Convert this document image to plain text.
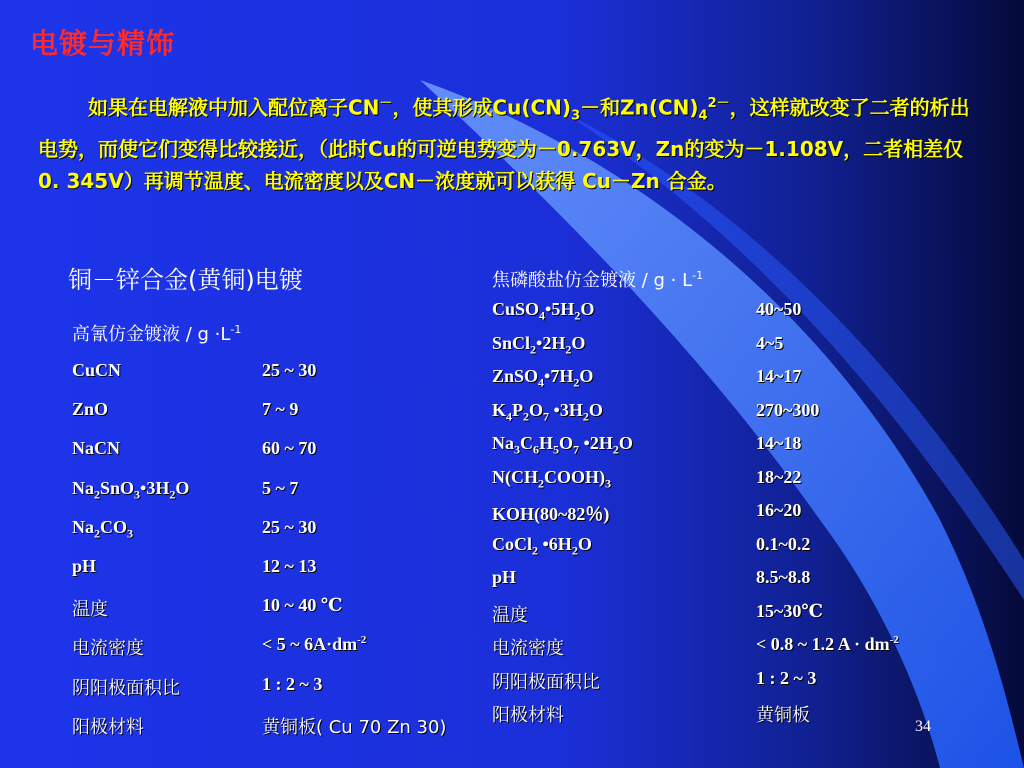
电镀与精饰
如果在电解液中加入配位离子CN－，使其形成$Cu(CN)_3-$和$Zn(CN)_4^{2-}$，这样就改变了二者的析出电势，而使它们变得比较接近，（此时Cu的可逆电势变为－0.763V，Zn的变为－1.108V，二者相差仅0. 345V）再调节温度、电流密度以及CN－浓度就可以获得 Cu－Zn 合金。
铜－锌合金(黄铜)电镀
高氰仿金镀液 / $g \cdot L^{-1}$
CuCN	25 ~ 30
ZnO	7 ~ 9
NaCN	60 ~ 70
$Na_2SnO_3•3H_2O$	5 ~ 7
$Na_2CO_3$	25 ~ 30
pH	12 ~ 13
温度	10 ~ 40 ℃
电流密度	< 5 ~ $6A\cdot dm^{-2}$
阴阳极面积比	1 : 2 ~ 3
阳极材料	黄铜板( Cu 70 Zn 30)
焦磷酸盐仿金镀液 / $g \cdot L^{-1}$
$CuSO_4•5H_2O$	40~50
$SnCl_2•2H_2O$	4~5
$ZnSO_4•7H_2O$	14~17
$K_4P_2O_7$ $•3H_2O$	270~300
$Na_3C_6H_5O_7$ $•2H_2O$	14~18
$N(CH_2COOH)_3$	18~22
KOH(80~82％)	16~20
CoCl$_2$ $•6H_2O$	0.1~0.2
pH	8.5~8.8
温度	15~30℃
电流密度	< 0.8 ~ 1.2 $A \cdot dm^{-2}$
阴阳极面积比	1 : 2 ~ 3
阳极材料	黄铜板
34
